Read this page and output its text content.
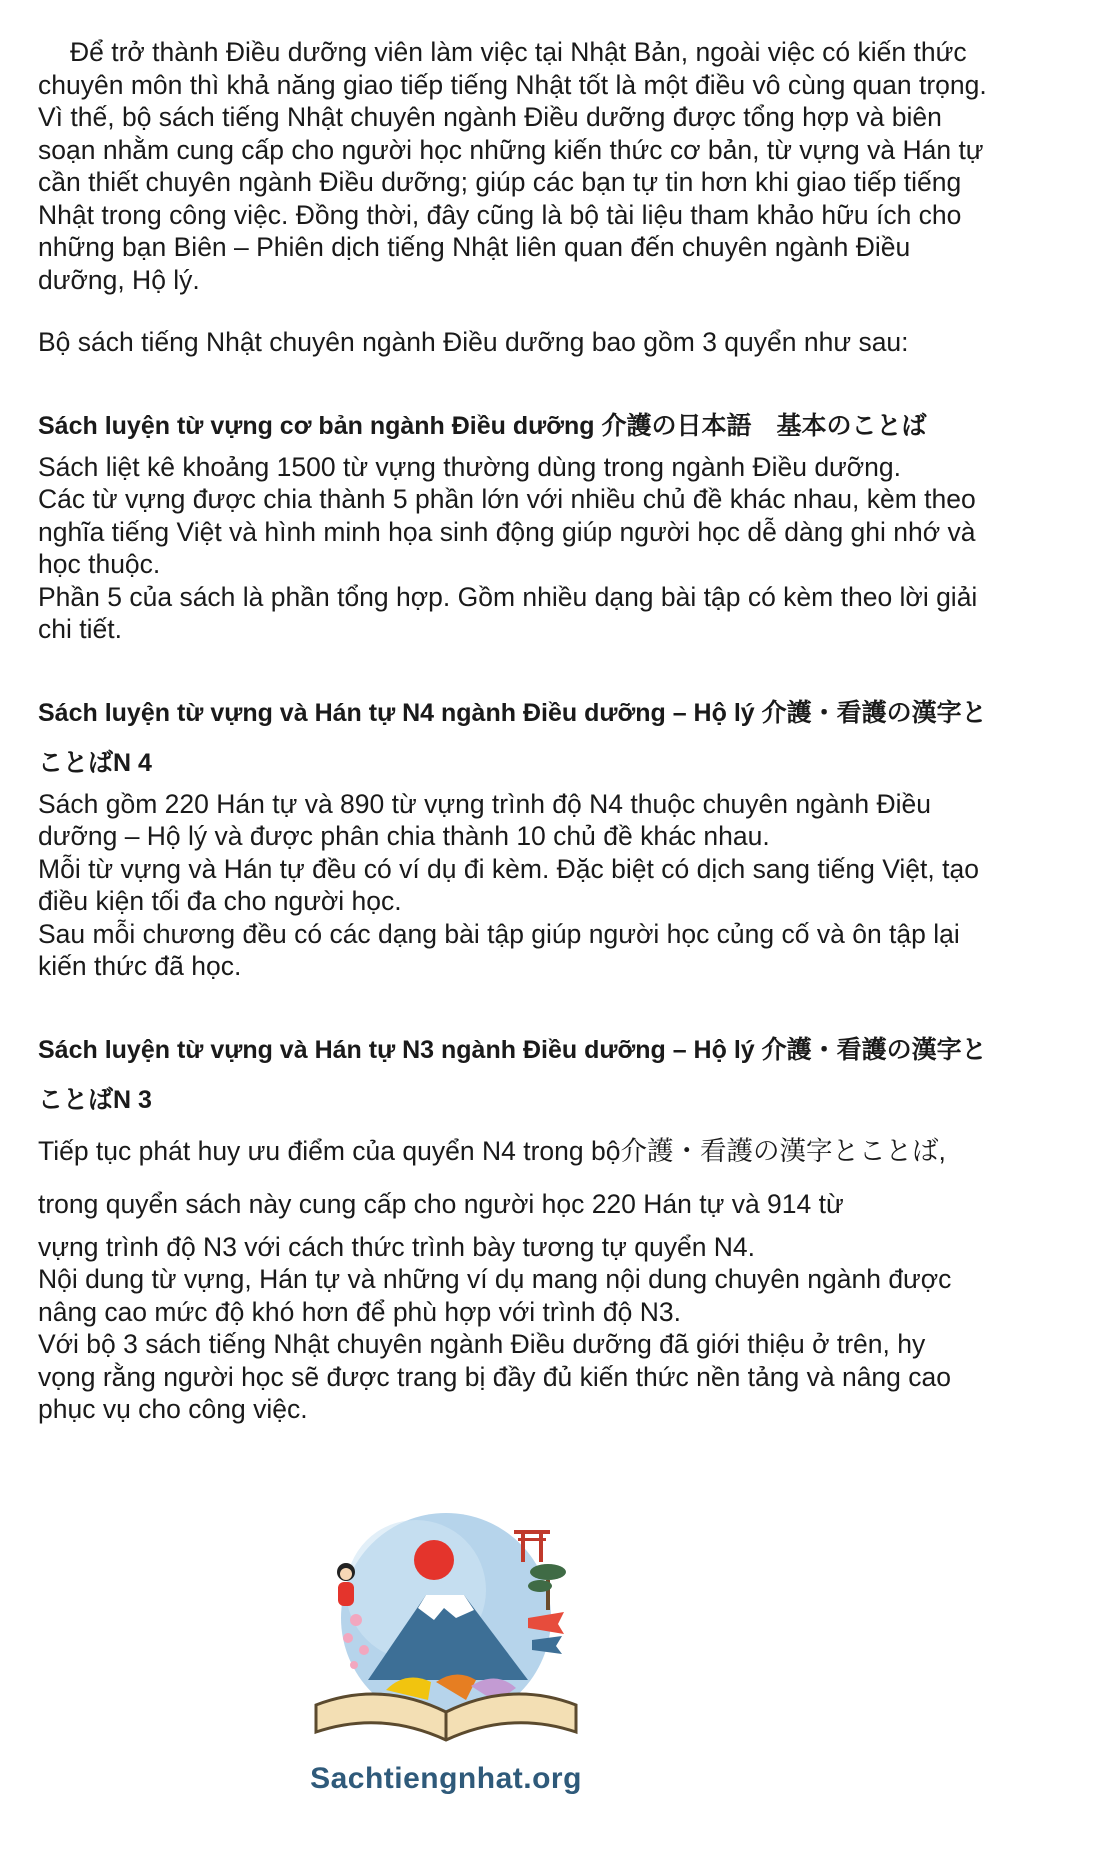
Để trở thành Điều dưỡng viên làm việc tại Nhật Bản, ngoài việc có kiến thức chuyên môn thì khả năng giao tiếp tiếng Nhật tốt là một điều vô cùng quan trọng. Vì thế, bộ sách tiếng Nhật chuyên ngành Điều dưỡng được tổng hợp và biên soạn nhằm cung cấp cho người học những kiến thức cơ bản, từ vựng và Hán tự cần thiết chuyên ngành Điều dưỡng; giúp các bạn tự tin hơn khi giao tiếp tiếng Nhật trong công việc. Đồng thời, đây cũng là bộ tài liệu tham khảo hữu ích cho những bạn Biên – Phiên dịch tiếng Nhật liên quan đến chuyên ngành Điều dưỡng, Hộ lý.

Bộ sách tiếng Nhật chuyên ngành Điều dưỡng bao gồm 3 quyển như sau:

Sách luyện từ vựng cơ bản ngành Điều dưỡng 介護の日本語　基本のことば

Sách liệt kê khoảng 1500 từ vựng thường dùng trong ngành Điều dưỡng.

Các từ vựng được chia thành 5 phần lớn với nhiều chủ đề khác nhau, kèm theo nghĩa tiếng Việt và hình minh họa sinh động giúp người học dễ dàng ghi nhớ và học thuộc.

Phần 5 của sách là phần tổng hợp. Gồm nhiều dạng bài tập có kèm theo lời giải chi tiết.

Sách luyện từ vựng và Hán tự N4 ngành Điều dưỡng – Hộ lý 介護・看護の漢字とことばN 4

Sách gồm 220 Hán tự và 890 từ vựng trình độ N4 thuộc chuyên ngành Điều dưỡng – Hộ lý và được phân chia thành 10 chủ đề khác nhau.

Mỗi từ vựng và Hán tự đều có ví dụ đi kèm. Đặc biệt có dịch sang tiếng Việt, tạo điều kiện tối đa cho người học.

Sau mỗi chương đều có các dạng bài tập giúp người học củng cố và ôn tập lại kiến thức đã học.

Sách luyện từ vựng và Hán tự N3 ngành Điều dưỡng – Hộ lý 介護・看護の漢字とことばN 3

Tiếp tục phát huy ưu điểm của quyển N4 trong bộ介護・看護の漢字とことば, trong quyển sách này cung cấp cho người học 220 Hán tự và 914 từ

vựng trình độ N3 với cách thức trình bày tương tự quyển N4.

Nội dung từ vựng, Hán tự và những ví dụ mang nội dung chuyên ngành được nâng cao mức độ khó hơn để phù hợp với trình độ N3.

Với bộ 3 sách tiếng Nhật chuyên ngành Điều dưỡng đã giới thiệu ở trên, hy vọng rằng người học sẽ được trang bị đầy đủ kiến thức nền tảng và nâng cao phục vụ cho công việc.

Sachtiengnhat.org
